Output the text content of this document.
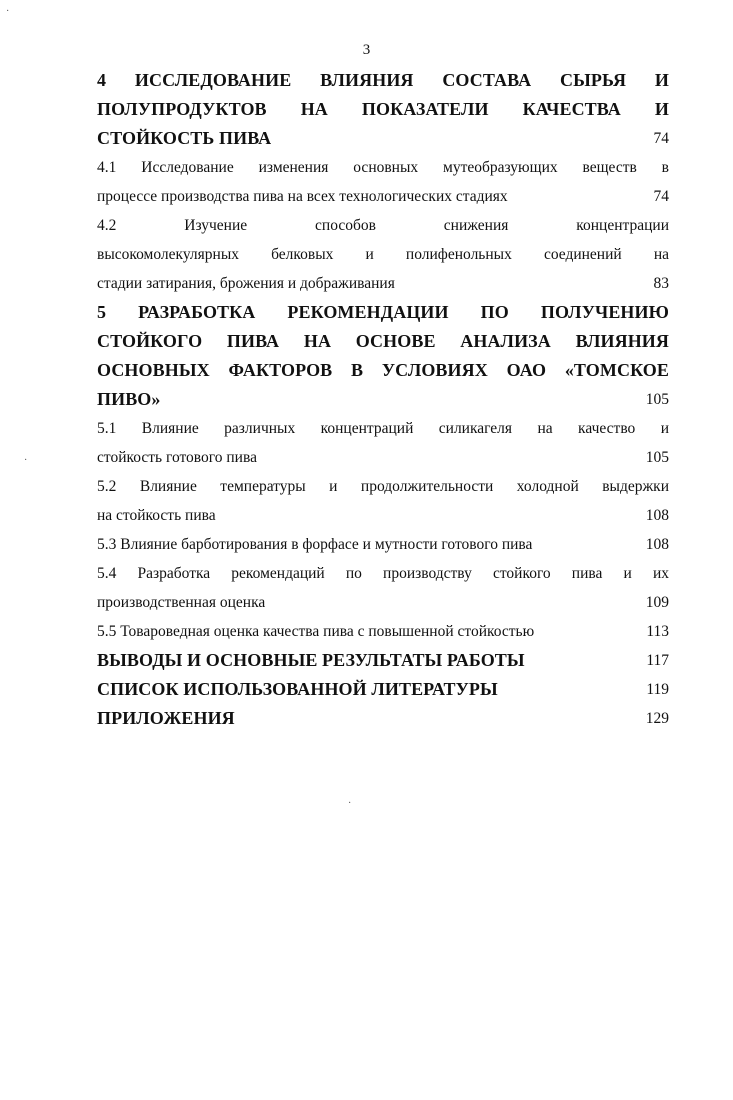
3
·
·
·
4 ИССЛЕДОВАНИЕ ВЛИЯНИЯ СОСТАВА СЫРЬЯ И
ПОЛУПРОДУКТОВ НА ПОКАЗАТЕЛИ КАЧЕСТВА И
СТОЙКОСТЬ ПИВА	74
4.1 Исследование изменения основных мутеобразующих веществ в
процессе производства пива на всех технологических стадиях	74
4.2 Изучение способов снижения концентрации
высокомолекулярных белковых и полифенольных соединений на
стадии затирания, брожения и дображивания	83
5 РАЗРАБОТКА РЕКОМЕНДАЦИИ ПО ПОЛУЧЕНИЮ
СТОЙКОГО ПИВА НА ОСНОВЕ АНАЛИЗА ВЛИЯНИЯ
ОСНОВНЫХ ФАКТОРОВ В УСЛОВИЯХ ОАО «ТОМСКОЕ
ПИВО»	105
5.1 Влияние различных концентраций силикагеля на качество и
стойкость готового пива	105
5.2 Влияние температуры и продолжительности холодной выдержки
на стойкость пива	108
5.3 Влияние барботирования в форфасе и мутности готового пива	108
5.4 Разработка рекомендаций по производству стойкого пива и их
производственная оценка	109
5.5 Товароведная оценка качества пива с повышенной стойкостью	113
ВЫВОДЫ И ОСНОВНЫЕ РЕЗУЛЬТАТЫ РАБОТЫ	117
СПИСОК ИСПОЛЬЗОВАННОЙ ЛИТЕРАТУРЫ	119
ПРИЛОЖЕНИЯ	129
